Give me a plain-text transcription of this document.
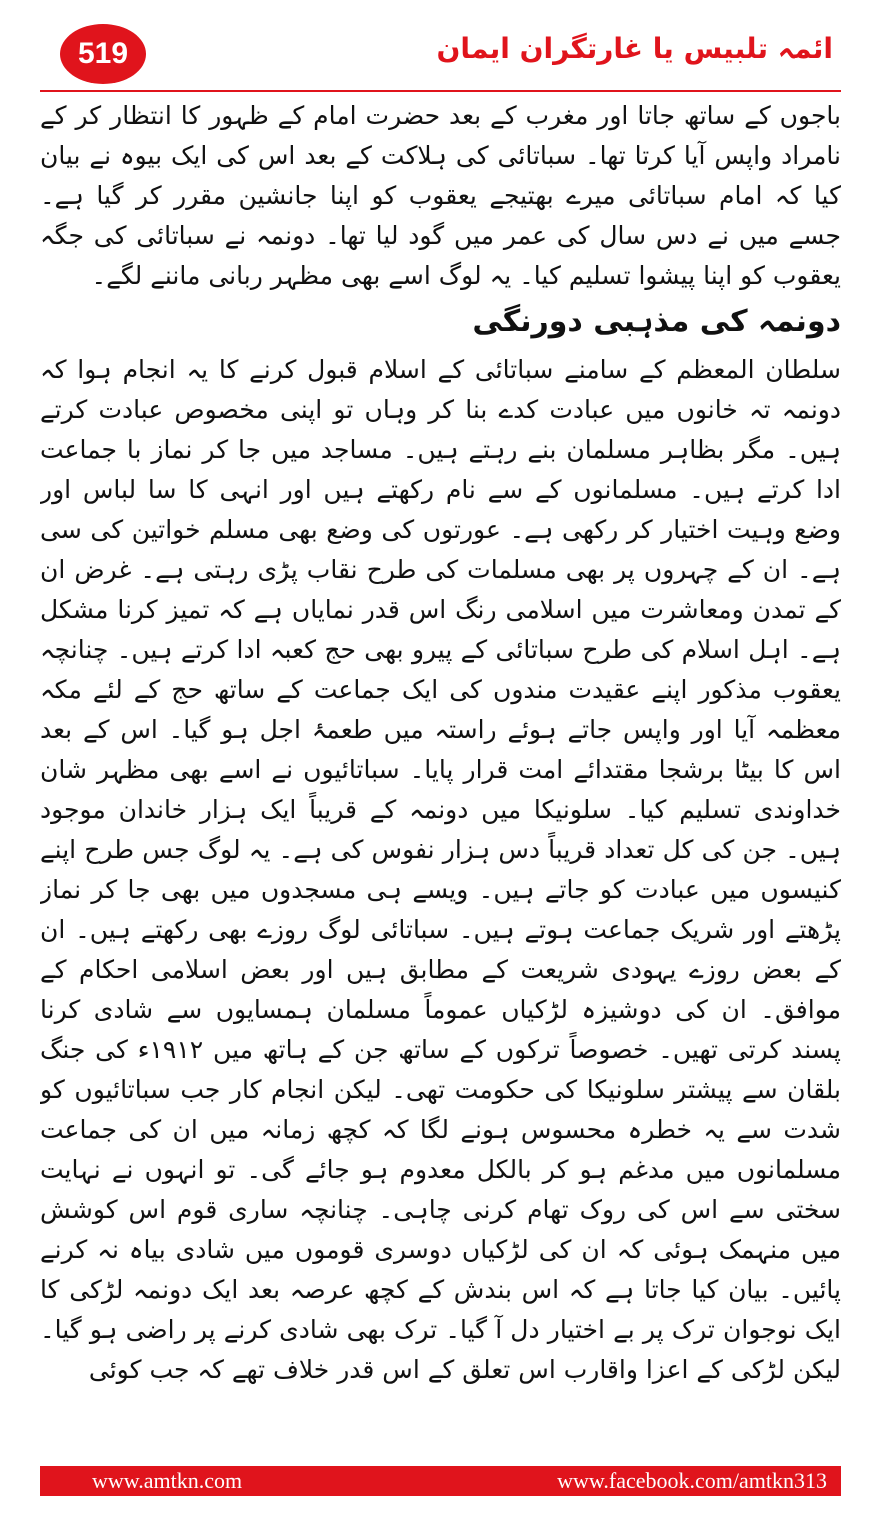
519	ائمہ تلبیس یا غارتگران ایمان

باجوں کے ساتھ جاتا اور مغرب کے بعد حضرت امام کے ظہور کا انتظار کر کے نامراد واپس آیا کرتا تھا۔ سباتائی کی ہلاکت کے بعد اس کی ایک بیوہ نے بیان کیا کہ امام سباتائی میرے بھتیجے یعقوب کو اپنا جانشین مقرر کر گیا ہے۔ جسے میں نے دس سال کی عمر میں گود لیا تھا۔ دونمہ نے سباتائی کی جگہ یعقوب کو اپنا پیشوا تسلیم کیا۔ یہ لوگ اسے بھی مظہر ربانی ماننے لگے۔

دونمہ کی مذہبی دورنگی

سلطان المعظم کے سامنے سباتائی کے اسلام قبول کرنے کا یہ انجام ہوا کہ دونمہ تہ خانوں میں عبادت کدے بنا کر وہاں تو اپنی مخصوص عبادت کرتے ہیں۔ مگر بظاہر مسلمان بنے رہتے ہیں۔ مساجد میں جا کر نماز با جماعت ادا کرتے ہیں۔ مسلمانوں کے سے نام رکھتے ہیں اور انہی کا سا لباس اور وضع وہیت اختیار کر رکھی ہے۔ عورتوں کی وضع بھی مسلم خواتین کی سی ہے۔ ان کے چہروں پر بھی مسلمات کی طرح نقاب پڑی رہتی ہے۔ غرض ان کے تمدن ومعاشرت میں اسلامی رنگ اس قدر نمایاں ہے کہ تمیز کرنا مشکل ہے۔ اہل اسلام کی طرح سباتائی کے پیرو بھی حج کعبہ ادا کرتے ہیں۔ چنانچہ یعقوب مذکور اپنے عقیدت مندوں کی ایک جماعت کے ساتھ حج کے لئے مکہ معظمہ آیا اور واپس جاتے ہوئے راستہ میں طعمۂ اجل ہو گیا۔ اس کے بعد اس کا بیٹا برشجا مقتدائے امت قرار پایا۔ سباتائیوں نے اسے بھی مظہر شان خداوندی تسلیم کیا۔ سلونیکا میں دونمہ کے قریباً ایک ہزار خاندان موجود ہیں۔ جن کی کل تعداد قریباً دس ہزار نفوس کی ہے۔ یہ لوگ جس طرح اپنے کنیسوں میں عبادت کو جاتے ہیں۔ ویسے ہی مسجدوں میں بھی جا کر نماز پڑھتے اور شریک جماعت ہوتے ہیں۔ سباتائی لوگ روزے بھی رکھتے ہیں۔ ان کے بعض روزے یہودی شریعت کے مطابق ہیں اور بعض اسلامی احکام کے موافق۔ ان کی دوشیزہ لڑکیاں عموماً مسلمان ہمسایوں سے شادی کرنا پسند کرتی تھیں۔ خصوصاً ترکوں کے ساتھ جن کے ہاتھ میں ۱۹۱۲ء کی جنگ بلقان سے پیشتر سلونیکا کی حکومت تھی۔ لیکن انجام کار جب سباتائیوں کو شدت سے یہ خطرہ محسوس ہونے لگا کہ کچھ زمانہ میں ان کی جماعت مسلمانوں میں مدغم ہو کر بالکل معدوم ہو جائے گی۔ تو انہوں نے نہایت سختی سے اس کی روک تھام کرنی چاہی۔ چنانچہ ساری قوم اس کوشش میں منہمک ہوئی کہ ان کی لڑکیاں دوسری قوموں میں شادی بیاہ نہ کرنے پائیں۔ بیان کیا جاتا ہے کہ اس بندش کے کچھ عرصہ بعد ایک دونمہ لڑکی کا ایک نوجوان ترک پر بے اختیار دل آ گیا۔ ترک بھی شادی کرنے پر راضی ہو گیا۔ لیکن لڑکی کے اعزا واقارب اس تعلق کے اس قدر خلاف تھے کہ جب کوئی

www.amtkn.com	www.facebook.com/amtkn313
